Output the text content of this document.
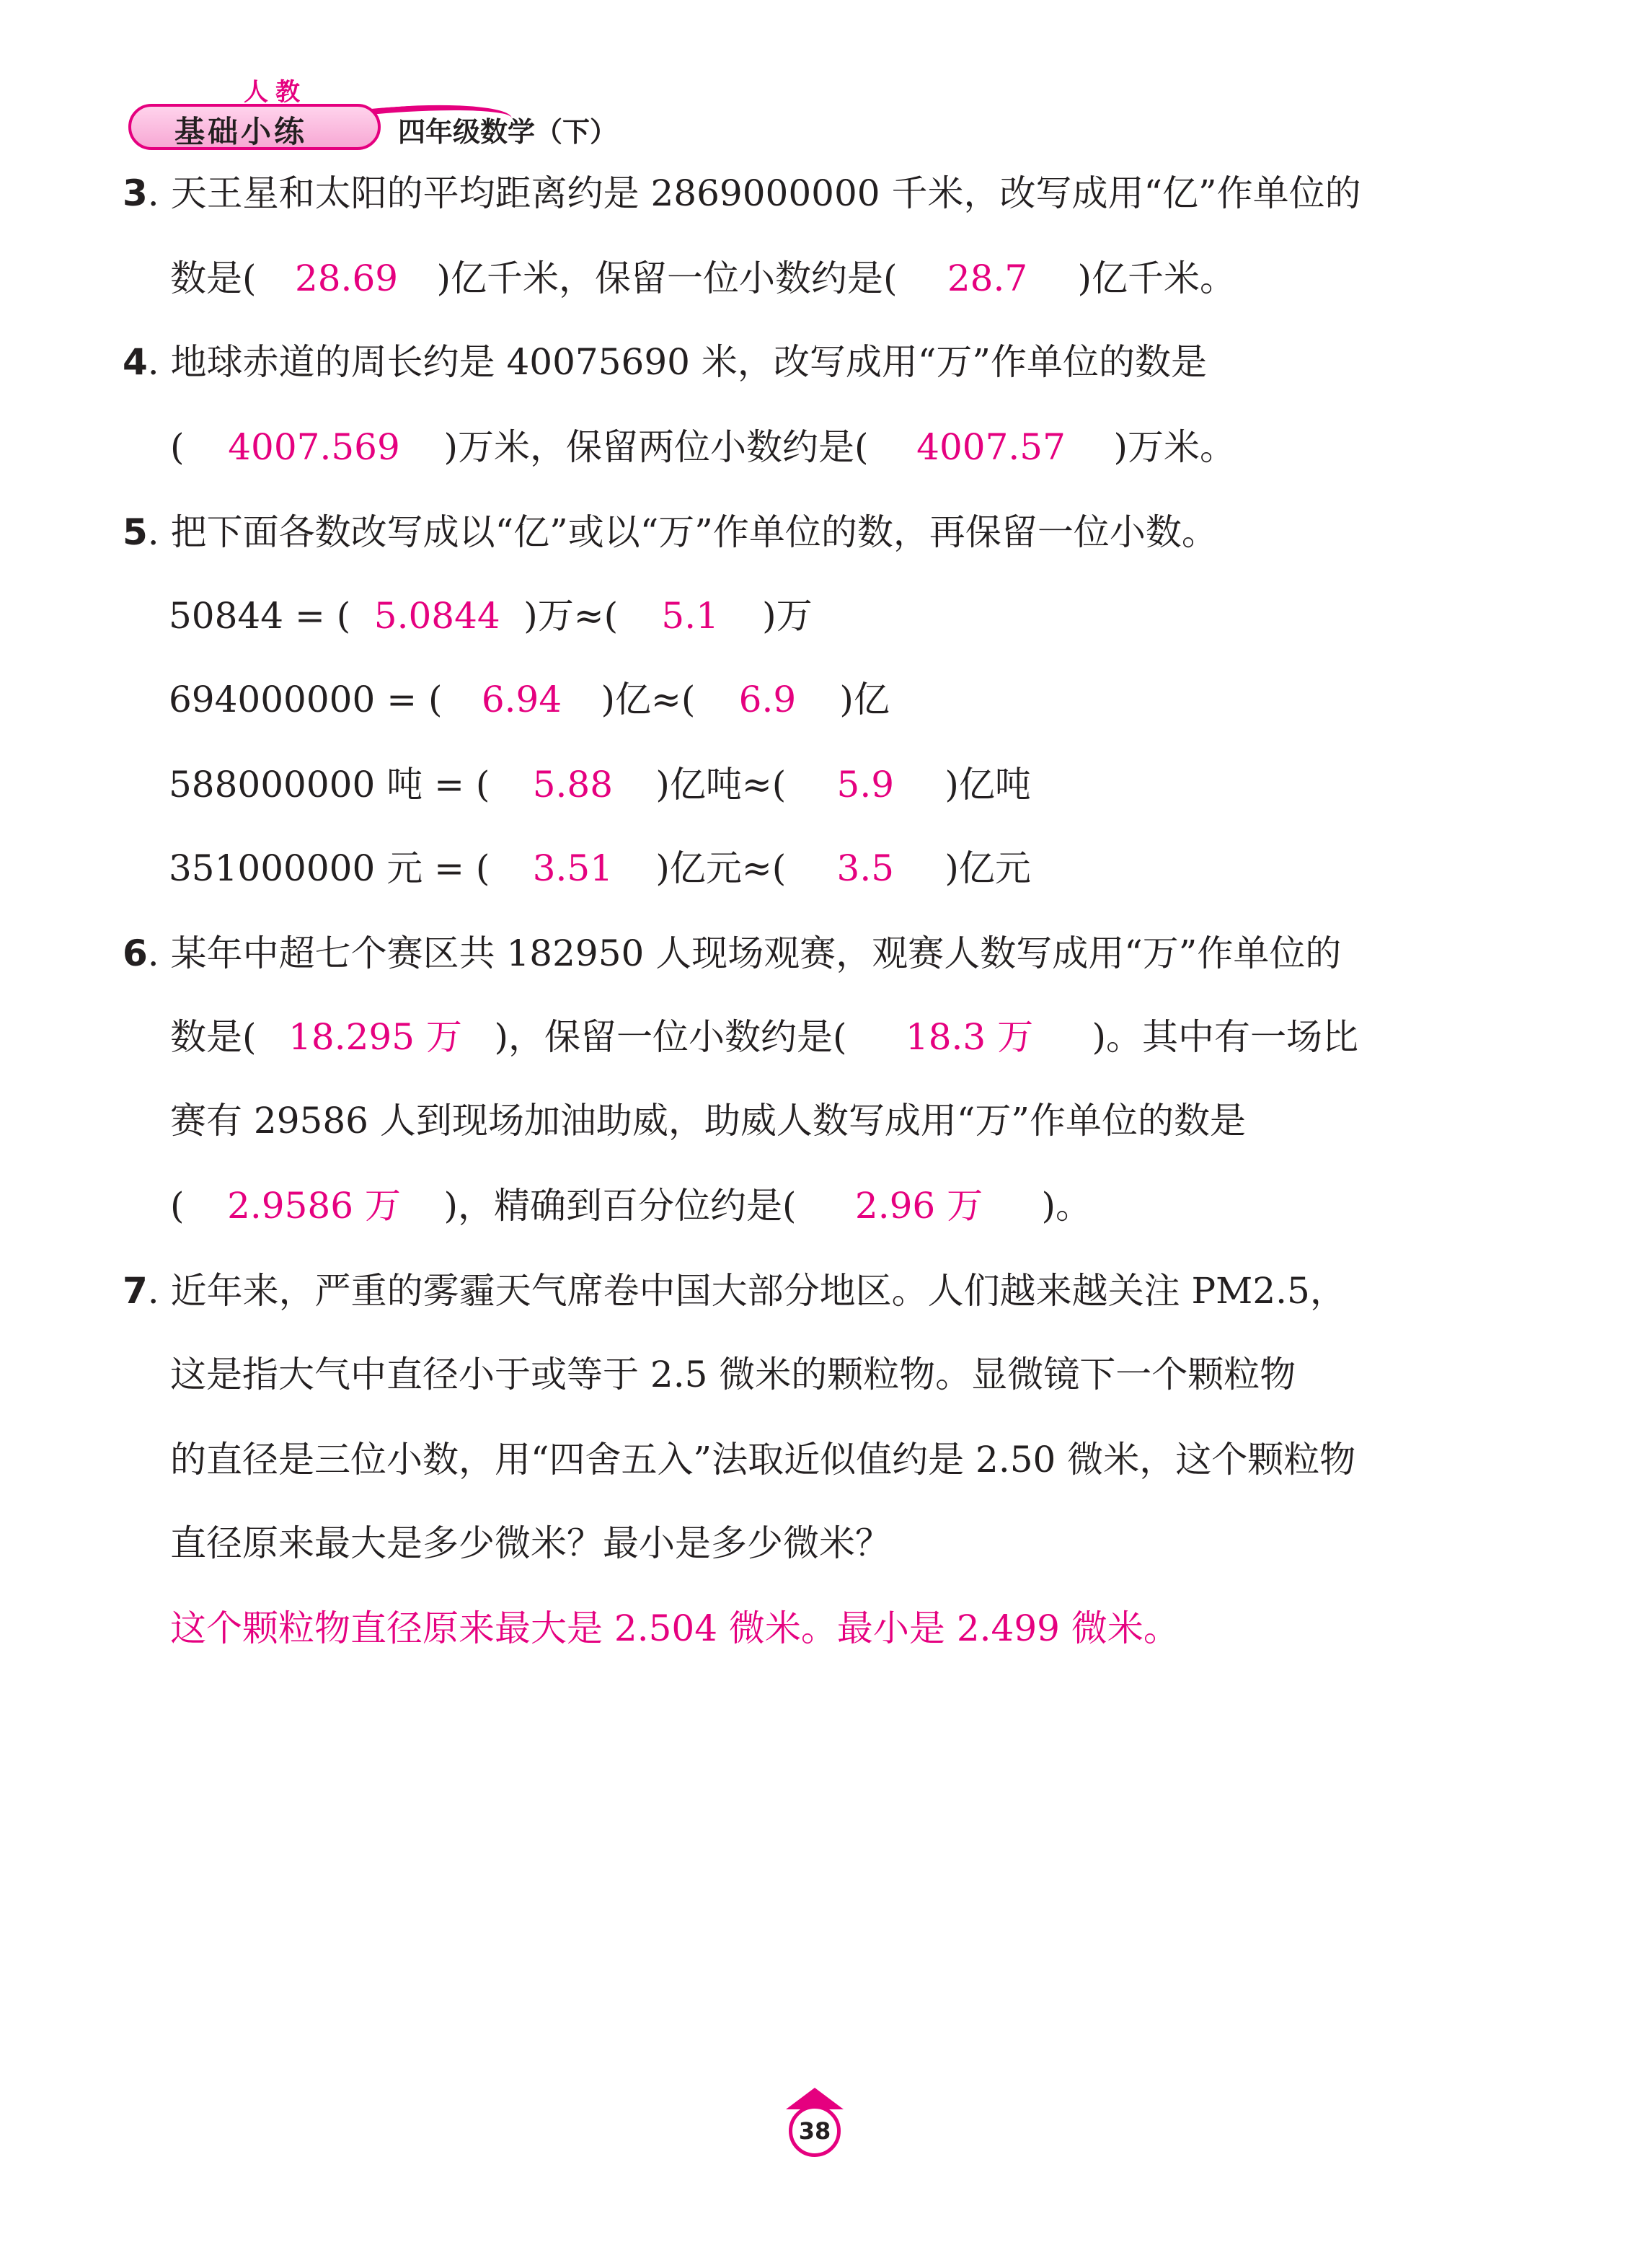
人教
基础小练	四年级数学（下）
3. 天王星和太阳的平均距离约是 2869000000 千米，改写成用“亿”作单位的
数是( 28.69 )亿千米，保留一位小数约是( 28.7 )亿千米。
4. 地球赤道的周长约是 40075690 米，改写成用“万”作单位的数是
( 4007.569 )万米，保留两位小数约是( 4007.57 )万米。
5. 把下面各数改写成以“亿”或以“万”作单位的数，再保留一位小数。
50844 = ( 5.0844 )万≈( 5.1 )万
694000000 = ( 6.94 )亿≈( 6.9 )亿
588000000 吨 = ( 5.88 )亿吨≈( 5.9 )亿吨
351000000 元 = ( 3.51 )亿元≈( 3.5 )亿元
6. 某年中超七个赛区共 182950 人现场观赛，观赛人数写成用“万”作单位的
数是( 18.295 万 )，保留一位小数约是( 18.3 万 )。其中有一场比
赛有 29586 人到现场加油助威，助威人数写成用“万”作单位的数是
( 2.9586 万 )，精确到百分位约是( 2.96 万 )。
7. 近年来，严重的雾霾天气席卷中国大部分地区。人们越来越关注 PM2.5，
这是指大气中直径小于或等于 2.5 微米的颗粒物。显微镜下一个颗粒物
的直径是三位小数，用“四舍五入”法取近似值约是 2.50 微米，这个颗粒物
直径原来最大是多少微米？最小是多少微米？
这个颗粒物直径原来最大是 2.504 微米。最小是 2.499 微米。
38
